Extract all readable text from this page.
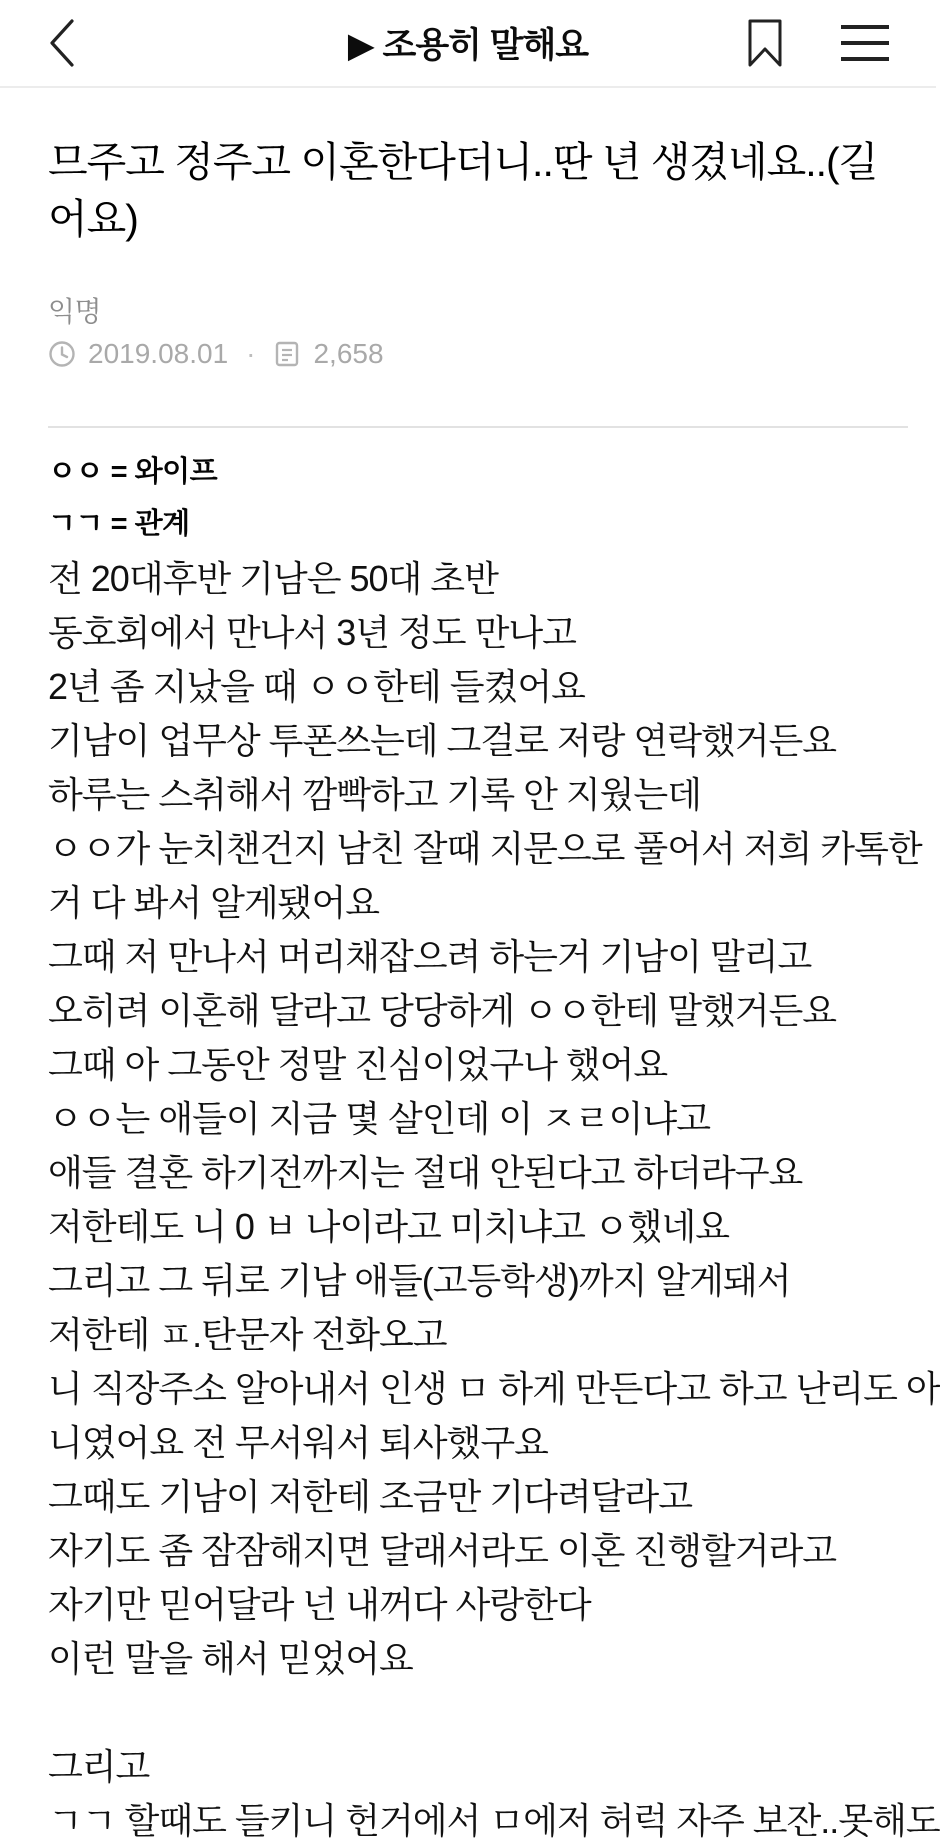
▶ 조용히 말해요
므주고 정주고 이혼한다더니..딴 년 생겼네요..(길어요)
익명
2019.08.01 · 2,658
ㅇㅇ = 와이프
ㄱㄱ = 관계
전 20대후반 기남은 50대 초반
동호회에서 만나서 3년 정도 만나고
2년 좀 지났을 때 ㅇㅇ한테 들켰어요
기남이 업무상 투폰쓰는데 그걸로 저랑 연락했거든요
하루는 스취해서 깜빡하고 기록 안 지웠는데
ㅇㅇ가 눈치챈건지 남친 잘때 지문으로 풀어서 저희 카톡한
거 다 봐서 알게됐어요
그때 저 만나서 머리채잡으려 하는거 기남이 말리고
오히려 이혼해 달라고 당당하게 ㅇㅇ한테 말했거든요
그때 아 그동안 정말 진심이었구나 했어요
ㅇㅇ는 애들이 지금 몇 살인데 이 ㅈㄹ이냐고
애들 결혼 하기전까지는 절대 안된다고 하더라구요
저한테도 니 0 ㅂ 나이라고 미치냐고 ㅇ했네요
그리고 그 뒤로 기남 애들(고등학생)까지 알게돼서
저한테 ㅍ.탄문자 전화오고
니 직장주소 알아내서 인생 ㅁ 하게 만든다고 하고 난리도 아
니였어요 전 무서워서 퇴사했구요
그때도 기남이 저한테 조금만 기다려달라고
자기도 좀 잠잠해지면 달래서라도 이혼 진행할거라고
자기만 믿어달라 넌 내꺼다 사랑한다
이런 말을 해서 믿었어요

그리고
ㄱㄱ 할때도 들키니 헌거에서 ㅁ에저 허럭 자주 보잔..못해도
